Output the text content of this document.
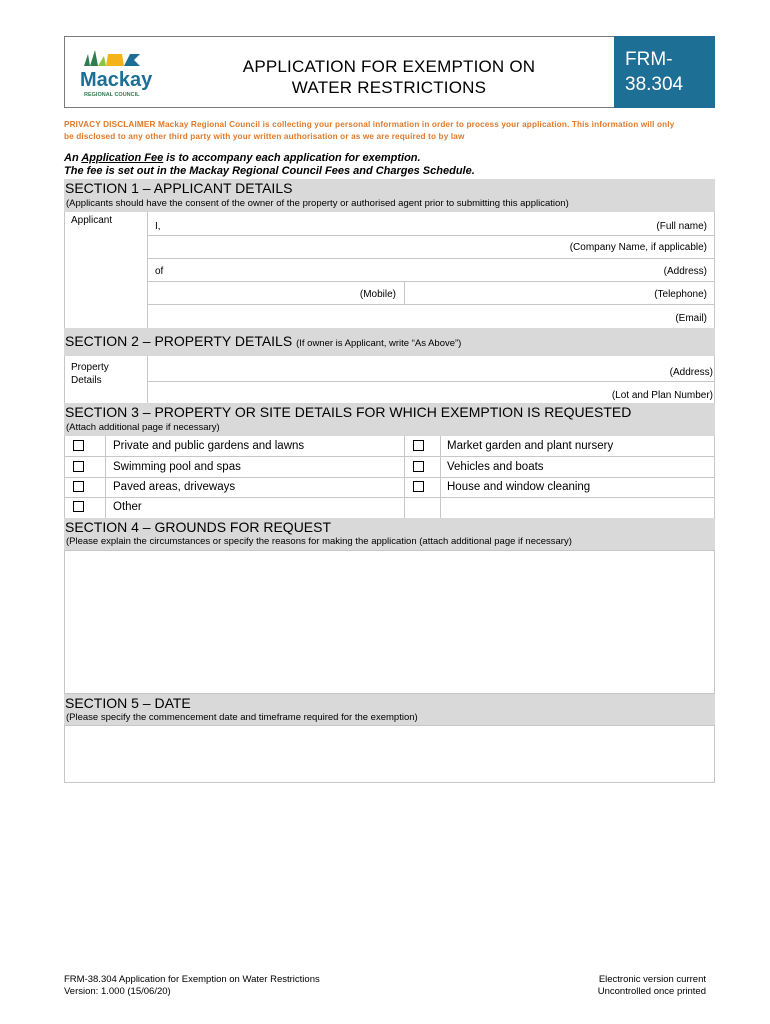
Mackay
REGIONAL COUNCIL
APPLICATION FOR EXEMPTION ON
WATER RESTRICTIONS
FRM-
38.304
PRIVACY DISCLAIMER Mackay Regional Council is collecting your personal information in order to process your application. This information will only
be disclosed to any other third party with your written authorisation or as we are required to by law
An Application Fee is to accompany each application for exemption.
The fee is set out in the Mackay Regional Council Fees and Charges Schedule.
SECTION 1 – APPLICANT DETAILS
(Applicants should have the consent of the owner of the property or authorised agent prior to submitting this application)
Applicant
I,	(Full name)
(Company Name, if applicable)
of	(Address)
(Mobile)	(Telephone)
(Email)
SECTION 2 – PROPERTY DETAILS (If owner is Applicant, write “As Above”)
Property
Details
(Address)
(Lot and Plan Number)
SECTION 3 – PROPERTY OR SITE DETAILS FOR WHICH EXEMPTION IS REQUESTED
(Attach additional page if necessary)
Private and public gardens and lawns	Market garden and plant nursery
Swimming pool and spas	Vehicles and boats
Paved areas, driveways	House and window cleaning
Other
SECTION 4 – GROUNDS FOR REQUEST
(Please explain the circumstances or specify the reasons for making the application (attach additional page if necessary)
SECTION 5 – DATE
(Please specify the commencement date and timeframe required for the exemption)
FRM-38.304 Application for Exemption on Water Restrictions
Version: 1.000 (15/06/20)
Electronic version current
Uncontrolled once printed
